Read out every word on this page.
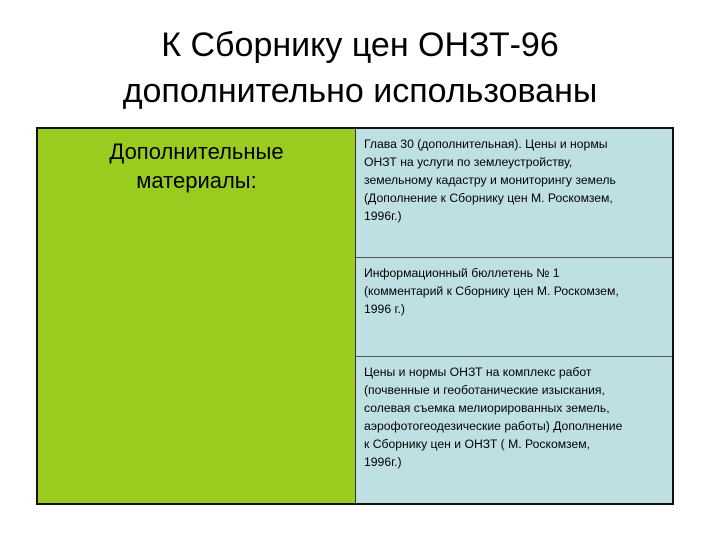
К Сборнику цен ОНЗТ-96
дополнительно использованы

Дополнительные
материалы:

Глава 30 (дополнительная). Цены и нормы
ОНЗТ на услуги по землеустройству,
земельному кадастру и мониторингу земель
(Дополнение к Сборнику цен М. Роскомзем,
1996г.)
Информационный бюллетень № 1
(комментарий к Сборнику цен М. Роскомзем,
1996 г.)
Цены и нормы ОНЗТ на комплекс работ
(почвенные и геоботанические изыскания,
солевая съемка мелиорированных земель,
аэрофотогеодезические работы) Дополнение
к Сборнику цен и ОНЗТ ( М. Роскомзем,
1996г.)
